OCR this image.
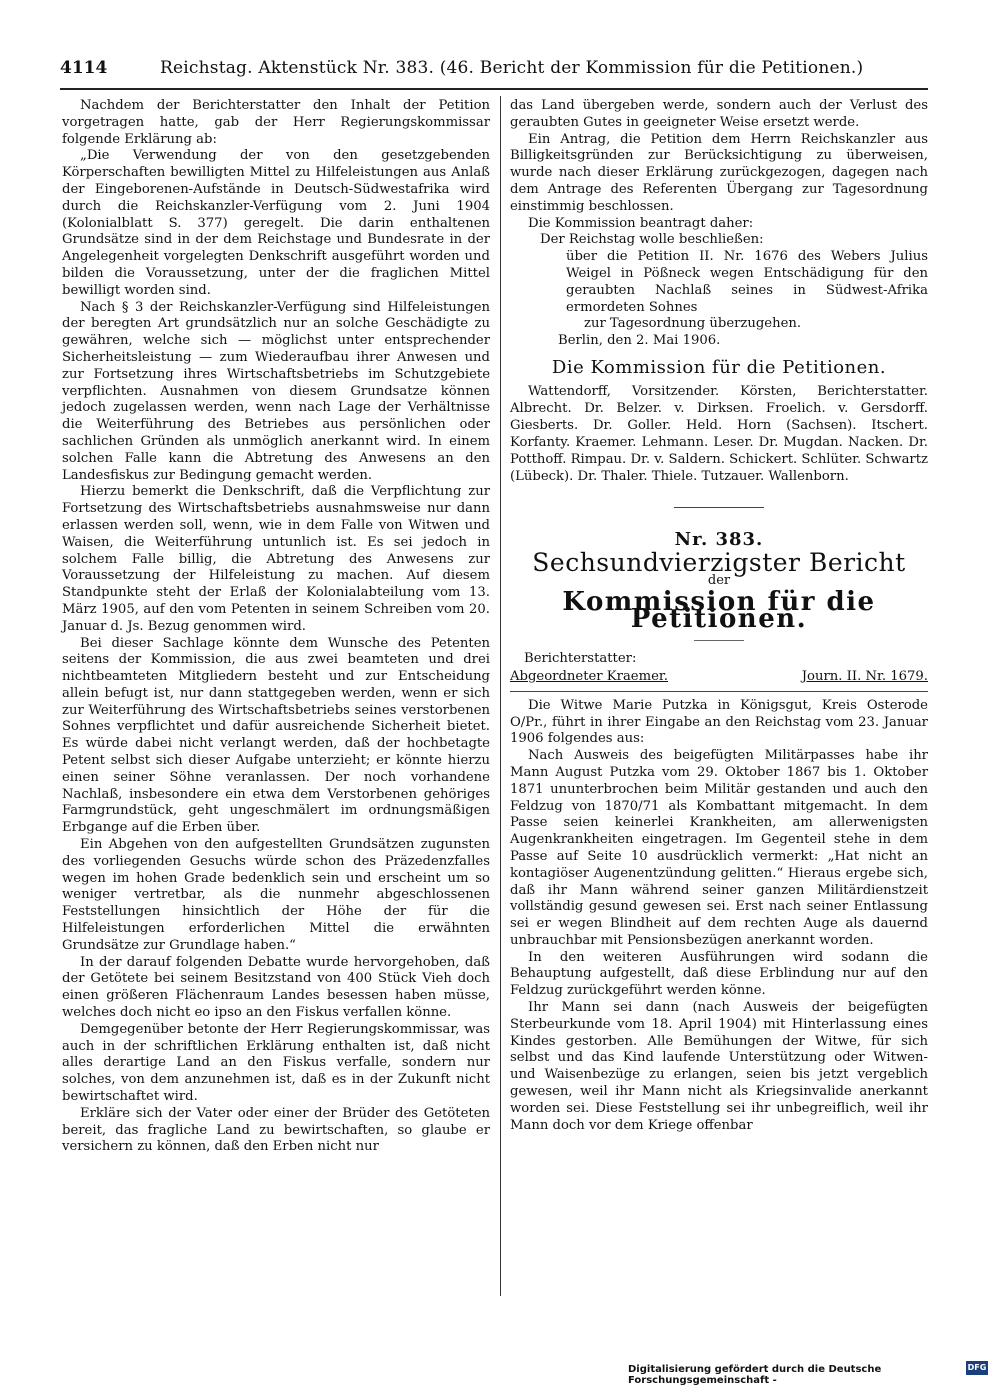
4114	Reichstag. Aktenstück Nr. 383. (46. Bericht der Kommission für die Petitionen.)

Nachdem der Berichterstatter den Inhalt der Petition vorgetragen hatte, gab der Herr Regierungskommissar folgende Erklärung ab:

„Die Verwendung der von den gesetzgebenden Körperschaften bewilligten Mittel zu Hilfeleistungen aus Anlaß der Eingeborenen-Aufstände in Deutsch-Südwestafrika wird durch die Reichskanzler-Verfügung vom 2. Juni 1904 (Kolonialblatt S. 377) geregelt. Die darin enthaltenen Grundsätze sind in der dem Reichstage und Bundesrate in der Angelegenheit vorgelegten Denkschrift ausgeführt worden und bilden die Voraussetzung, unter der die fraglichen Mittel bewilligt worden sind.

Nach § 3 der Reichskanzler-Verfügung sind Hilfeleistungen der beregten Art grundsätzlich nur an solche Geschädigte zu gewähren, welche sich — möglichst unter entsprechender Sicherheitsleistung — zum Wiederaufbau ihrer Anwesen und zur Fortsetzung ihres Wirtschaftsbetriebs im Schutzgebiete verpflichten. Ausnahmen von diesem Grundsatze können jedoch zugelassen werden, wenn nach Lage der Verhältnisse die Weiterführung des Betriebes aus persönlichen oder sachlichen Gründen als unmöglich anerkannt wird. In einem solchen Falle kann die Abtretung des Anwesens an den Landesfiskus zur Bedingung gemacht werden.

Hierzu bemerkt die Denkschrift, daß die Verpflichtung zur Fortsetzung des Wirtschaftsbetriebs ausnahmsweise nur dann erlassen werden soll, wenn, wie in dem Falle von Witwen und Waisen, die Weiterführung untunlich ist. Es sei jedoch in solchem Falle billig, die Abtretung des Anwesens zur Voraussetzung der Hilfeleistung zu machen. Auf diesem Standpunkte steht der Erlaß der Kolonialabteilung vom 13. März 1905, auf den vom Petenten in seinem Schreiben vom 20. Januar d. Js. Bezug genommen wird.

Bei dieser Sachlage könnte dem Wunsche des Petenten seitens der Kommission, die aus zwei beamteten und drei nichtbeamteten Mitgliedern besteht und zur Entscheidung allein befugt ist, nur dann stattgegeben werden, wenn er sich zur Weiterführung des Wirtschaftsbetriebs seines verstorbenen Sohnes verpflichtet und dafür ausreichende Sicherheit bietet. Es würde dabei nicht verlangt werden, daß der hochbetagte Petent selbst sich dieser Aufgabe unterzieht; er könnte hierzu einen seiner Söhne veranlassen. Der noch vorhandene Nachlaß, insbesondere ein etwa dem Verstorbenen gehöriges Farmgrundstück, geht ungeschmälert im ordnungsmäßigen Erbgange auf die Erben über.

Ein Abgehen von den aufgestellten Grundsätzen zugunsten des vorliegenden Gesuchs würde schon des Präzedenzfalles wegen im hohen Grade bedenklich sein und erscheint um so weniger vertretbar, als die nunmehr abgeschlossenen Feststellungen hinsichtlich der Höhe der für die Hilfeleistungen erforderlichen Mittel die erwähnten Grundsätze zur Grundlage haben.“

In der darauf folgenden Debatte wurde hervorgehoben, daß der Getötete bei seinem Besitzstand von 400 Stück Vieh doch einen größeren Flächenraum Landes besessen haben müsse, welches doch nicht eo ipso an den Fiskus verfallen könne.

Demgegenüber betonte der Herr Regierungskommissar, was auch in der schriftlichen Erklärung enthalten ist, daß nicht alles derartige Land an den Fiskus verfalle, sondern nur solches, von dem anzunehmen ist, daß es in der Zukunft nicht bewirtschaftet wird.

Erkläre sich der Vater oder einer der Brüder des Getöteten bereit, das fragliche Land zu bewirtschaften, so glaube er versichern zu können, daß den Erben nicht nur

das Land übergeben werde, sondern auch der Verlust des geraubten Gutes in geeigneter Weise ersetzt werde.

Ein Antrag, die Petition dem Herrn Reichskanzler aus Billigkeitsgründen zur Berücksichtigung zu überweisen, wurde nach dieser Erklärung zurückgezogen, dagegen nach dem Antrage des Referenten Übergang zur Tagesordnung einstimmig beschlossen.

Die Kommission beantragt daher:

Der Reichstag wolle beschließen:

über die Petition II. Nr. 1676 des Webers Julius Weigel in Pößneck wegen Entschädigung für den geraubten Nachlaß seines in Südwest-Afrika ermordeten Sohnes

zur Tagesordnung überzugehen.

Berlin, den 2. Mai 1906.

Die Kommission für die Petitionen.

Wattendorff, Vorsitzender. Körsten, Berichterstatter. Albrecht. Dr. Belzer. v. Dirksen. Froelich. v. Gersdorff. Giesberts. Dr. Goller. Held. Horn (Sachsen). Itschert. Korfanty. Kraemer. Lehmann. Leser. Dr. Mugdan. Nacken. Dr. Potthoff. Rimpau. Dr. v. Saldern. Schickert. Schlüter. Schwartz (Lübeck). Dr. Thaler. Thiele. Tutzauer. Wallenborn.

Nr. 383.
Sechsundvierzigster Bericht
der
Kommission für die Petitionen.
Berichterstatter:
Abgeordneter Kraemer.	Journ. II. Nr. 1679.

Die Witwe Marie Putzka in Königsgut, Kreis Osterode O/Pr., führt in ihrer Eingabe an den Reichstag vom 23. Januar 1906 folgendes aus:

Nach Ausweis des beigefügten Militärpasses habe ihr Mann August Putzka vom 29. Oktober 1867 bis 1. Oktober 1871 ununterbrochen beim Militär gestanden und auch den Feldzug von 1870/71 als Kombattant mitgemacht. In dem Passe seien keinerlei Krankheiten, am allerwenigsten Augenkrankheiten eingetragen. Im Gegenteil stehe in dem Passe auf Seite 10 ausdrücklich vermerkt: „Hat nicht an kontagiöser Augenentzündung gelitten.“ Hieraus ergebe sich, daß ihr Mann während seiner ganzen Militärdienstzeit vollständig gesund gewesen sei. Erst nach seiner Entlassung sei er wegen Blindheit auf dem rechten Auge als dauernd unbrauchbar mit Pensionsbezügen anerkannt worden.

In den weiteren Ausführungen wird sodann die Behauptung aufgestellt, daß diese Erblindung nur auf den Feldzug zurückgeführt werden könne.

Ihr Mann sei dann (nach Ausweis der beigefügten Sterbeurkunde vom 18. April 1904) mit Hinterlassung eines Kindes gestorben. Alle Bemühungen der Witwe, für sich selbst und das Kind laufende Unterstützung oder Witwen- und Waisenbezüge zu erlangen, seien bis jetzt vergeblich gewesen, weil ihr Mann nicht als Kriegsinvalide anerkannt worden sei. Diese Feststellung sei ihr unbegreiflich, weil ihr Mann doch vor dem Kriege offenbar

Digitalisierung gefördert durch die Deutsche Forschungsgemeinschaft -
DFG
